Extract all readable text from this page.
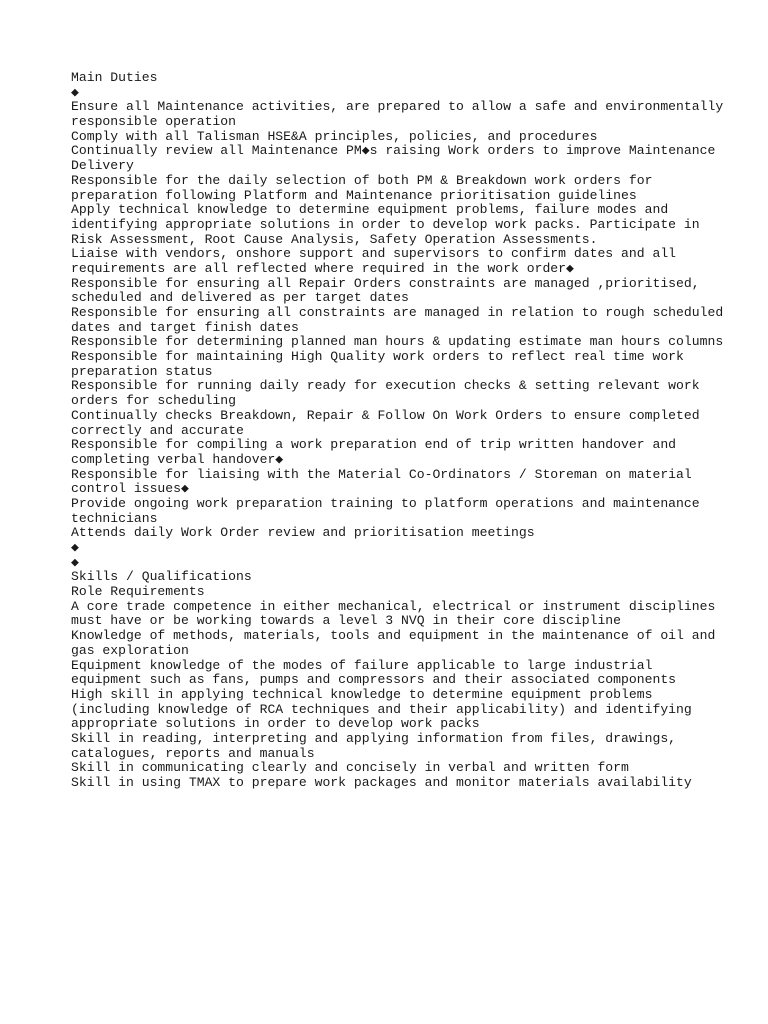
Main Duties
◆
Ensure all Maintenance activities, are prepared to allow a safe and environmentally
responsible operation
Comply with all Talisman HSE&A principles, policies, and procedures
Continually review all Maintenance PM◆s raising Work orders to improve Maintenance
Delivery
Responsible for the daily selection of both PM & Breakdown work orders for
preparation following Platform and Maintenance prioritisation guidelines
Apply technical knowledge to determine equipment problems, failure modes and
identifying appropriate solutions in order to develop work packs. Participate in
Risk Assessment, Root Cause Analysis, Safety Operation Assessments.
Liaise with vendors, onshore support and supervisors to confirm dates and all
requirements are all reflected where required in the work order◆
Responsible for ensuring all Repair Orders constraints are managed ,prioritised,
scheduled and delivered as per target dates
Responsible for ensuring all constraints are managed in relation to rough scheduled
dates and target finish dates
Responsible for determining planned man hours & updating estimate man hours columns
Responsible for maintaining High Quality work orders to reflect real time work
preparation status
Responsible for running daily ready for execution checks & setting relevant work
orders for scheduling
Continually checks Breakdown, Repair & Follow On Work Orders to ensure completed
correctly and accurate
Responsible for compiling a work preparation end of trip written handover and
completing verbal handover◆
Responsible for liaising with the Material Co-Ordinators / Storeman on material
control issues◆
Provide ongoing work preparation training to platform operations and maintenance
technicians
Attends daily Work Order review and prioritisation meetings
◆
◆
Skills / Qualifications
Role Requirements
A core trade competence in either mechanical, electrical or instrument disciplines
must have or be working towards a level 3 NVQ in their core discipline
Knowledge of methods, materials, tools and equipment in the maintenance of oil and
gas exploration
Equipment knowledge of the modes of failure applicable to large industrial
equipment such as fans, pumps and compressors and their associated components
High skill in applying technical knowledge to determine equipment problems
(including knowledge of RCA techniques and their applicability) and identifying
appropriate solutions in order to develop work packs
Skill in reading, interpreting and applying information from files, drawings,
catalogues, reports and manuals
Skill in communicating clearly and concisely in verbal and written form
Skill in using TMAX to prepare work packages and monitor materials availability
